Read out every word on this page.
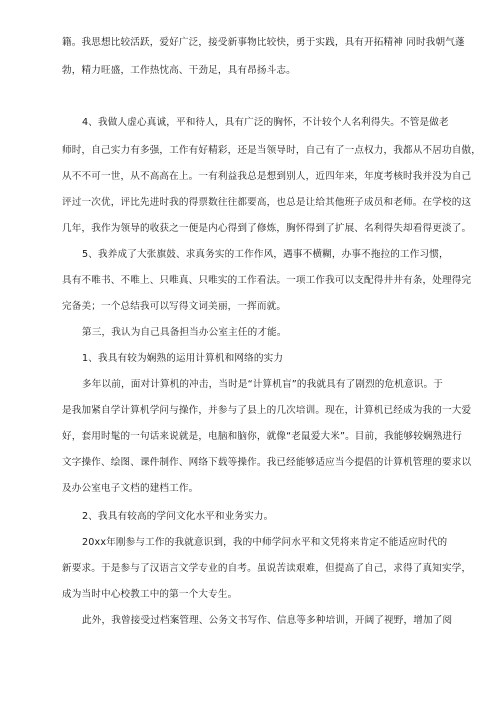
籍。我思想比较活跃，爱好广泛，接受新事物比较快，勇于实践，具有开拓精神 同时我朝气蓬
勃，精力旺盛，工作热忱高、干劲足，具有昂扬斗志。
4、我做人虚心真诚，平和待人，具有广泛的胸怀，不计较个人名利得失。不管是做老
师时，自己实力有多强，工作有好精彩，还是当领导时，自己有了一点权力，我都从不居功自傲，
从不不可一世，从不高高在上。一有利益我总是想到别人，近四年来，年度考核时我并没为自己
评过一次优，评比先进时我的得票数往往都要高，也总是让给其他班子成员和老师。在学校的这
几年，我作为领导的收获之一便是内心得到了修炼，胸怀得到了扩展、名利得失却看得更淡了。
5、我养成了大张旗鼓、求真务实的工作作风，遇事不横糊，办事不拖拉的工作习惯，
具有不唯书、不唯上、只唯真、只唯实的工作看法。一项工作我可以支配得井井有条，处理得完
完备美；一个总结我可以写得文词美丽，一挥而就。
第三，我认为自己具备担当办公室主任的才能。
1、我具有较为娴熟的运用计算机和网络的实力
多年以前，面对计算机的冲击，当时是“计算机盲”的我就具有了剧烈的危机意识。于
是我加紧自学计算机学问与操作，并参与了县上的几次培训。现在，计算机已经成为我的一大爱
好，套用时髦的一句话来说就是，电脑和脑你，就像“老鼠爱大米”。目前，我能够较娴熟进行
文字操作、绘图、课件制作、网络下载等操作。我已经能够适应当今提倡的计算机管理的要求以
及办公室电子文档的建档工作。
2、我具有较高的学问文化水平和业务实力。
20xx年刚参与工作的我就意识到，我的中师学问水平和文凭将来肯定不能适应时代的
新要求。于是参与了汉语言文学专业的自考。虽说苦读艰难，但提高了自己，求得了真知实学，
成为当时中心校教工中的第一个大专生。
此外，我曾接受过档案管理、公务文书写作、信息等多种培训，开阔了视野，增加了阅
